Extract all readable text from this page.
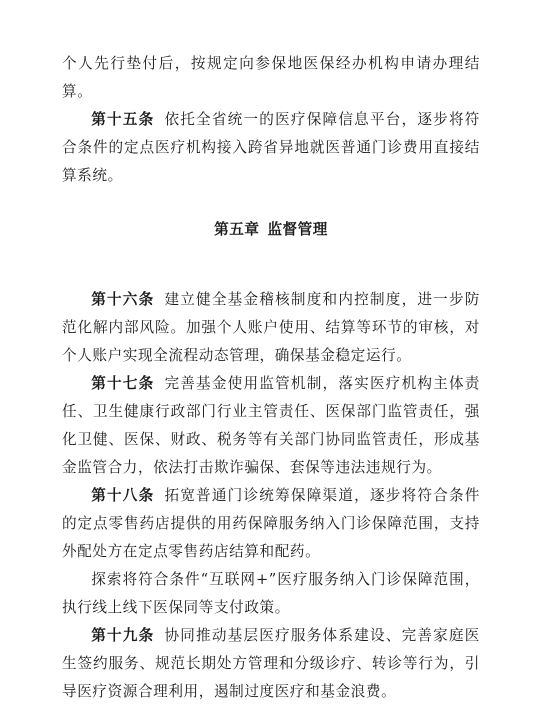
个人先行垫付后，按规定向参保地医保经办机构申请办理结算。

第十五条 依托全省统一的医疗保障信息平台，逐步将符合条件的定点医疗机构接入跨省异地就医普通门诊费用直接结算系统。

第五章 监督管理

第十六条 建立健全基金稽核制度和内控制度，进一步防范化解内部风险。加强个人账户使用、结算等环节的审核，对个人账户实现全流程动态管理，确保基金稳定运行。

第十七条 完善基金使用监管机制，落实医疗机构主体责任、卫生健康行政部门行业主管责任、医保部门监管责任，强化卫健、医保、财政、税务等有关部门协同监管责任，形成基金监管合力，依法打击欺诈骗保、套保等违法违规行为。

第十八条 拓宽普通门诊统筹保障渠道，逐步将符合条件的定点零售药店提供的用药保障服务纳入门诊保障范围，支持外配处方在定点零售药店结算和配药。

探索将符合条件“互联网+”医疗服务纳入门诊保障范围，执行线上线下医保同等支付政策。

第十九条 协同推动基层医疗服务体系建设、完善家庭医生签约服务、规范长期处方管理和分级诊疗、转诊等行为，引导医疗资源合理利用，遏制过度医疗和基金浪费。
